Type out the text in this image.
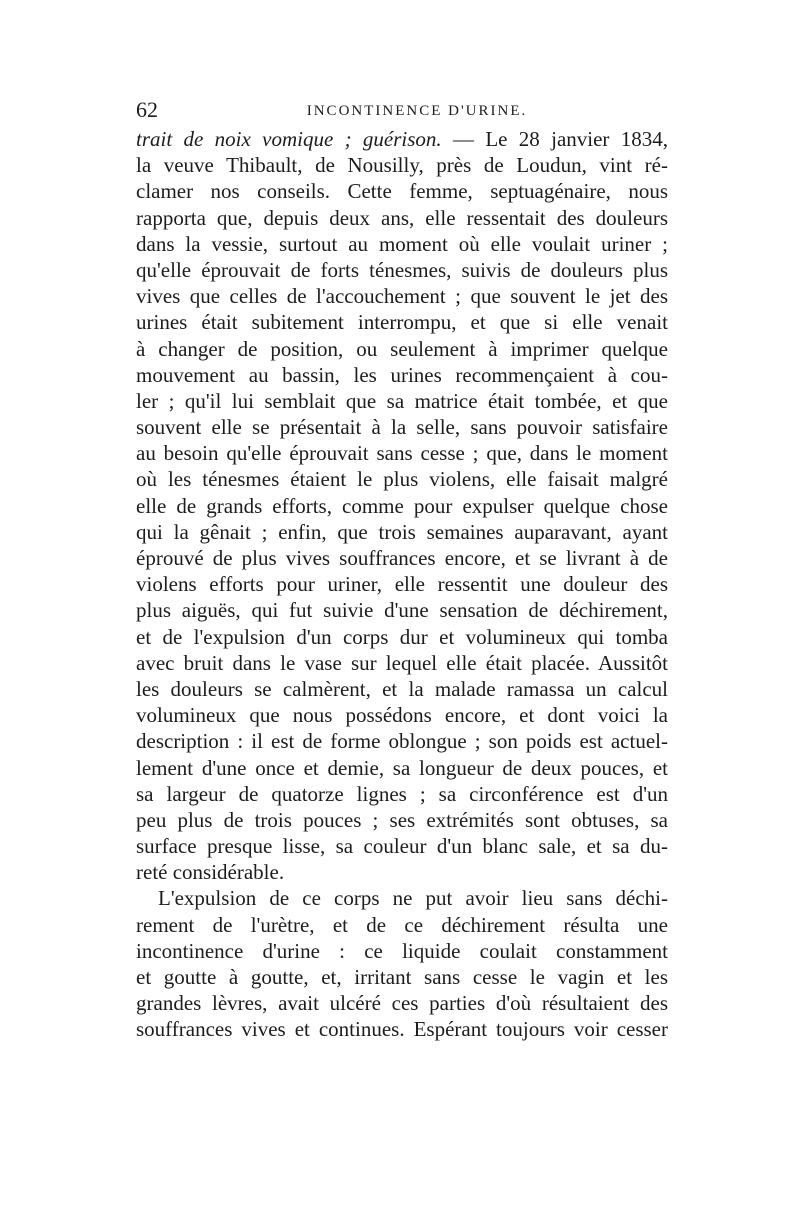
62	INCONTINENCE D'URINE.
trait de noix vomique ; guérison. — Le 28 janvier 1834,
la veuve Thibault, de Nousilly, près de Loudun, vint ré-
clamer nos conseils. Cette femme, septuagénaire, nous
rapporta que, depuis deux ans, elle ressentait des douleurs
dans la vessie, surtout au moment où elle voulait uriner ;
qu'elle éprouvait de forts ténesmes, suivis de douleurs plus
vives que celles de l'accouchement ; que souvent le jet des
urines était subitement interrompu, et que si elle venait
à changer de position, ou seulement à imprimer quelque
mouvement au bassin, les urines recommençaient à cou-
ler ; qu'il lui semblait que sa matrice était tombée, et que
souvent elle se présentait à la selle, sans pouvoir satisfaire
au besoin qu'elle éprouvait sans cesse ; que, dans le moment
où les ténesmes étaient le plus violens, elle faisait malgré
elle de grands efforts, comme pour expulser quelque chose
qui la gênait ; enfin, que trois semaines auparavant, ayant
éprouvé de plus vives souffrances encore, et se livrant à de
violens efforts pour uriner, elle ressentit une douleur des
plus aiguës, qui fut suivie d'une sensation de déchirement,
et de l'expulsion d'un corps dur et volumineux qui tomba
avec bruit dans le vase sur lequel elle était placée. Aussitôt
les douleurs se calmèrent, et la malade ramassa un calcul
volumineux que nous possédons encore, et dont voici la
description : il est de forme oblongue ; son poids est actuel-
lement d'une once et demie, sa longueur de deux pouces, et
sa largeur de quatorze lignes ; sa circonférence est d'un
peu plus de trois pouces ; ses extrémités sont obtuses, sa
surface presque lisse, sa couleur d'un blanc sale, et sa du-
reté considérable.
L'expulsion de ce corps ne put avoir lieu sans déchi-
rement de l'urètre, et de ce déchirement résulta une
incontinence d'urine : ce liquide coulait constamment
et goutte à goutte, et, irritant sans cesse le vagin et les
grandes lèvres, avait ulcéré ces parties d'où résultaient des
souffrances vives et continues. Espérant toujours voir cesser
